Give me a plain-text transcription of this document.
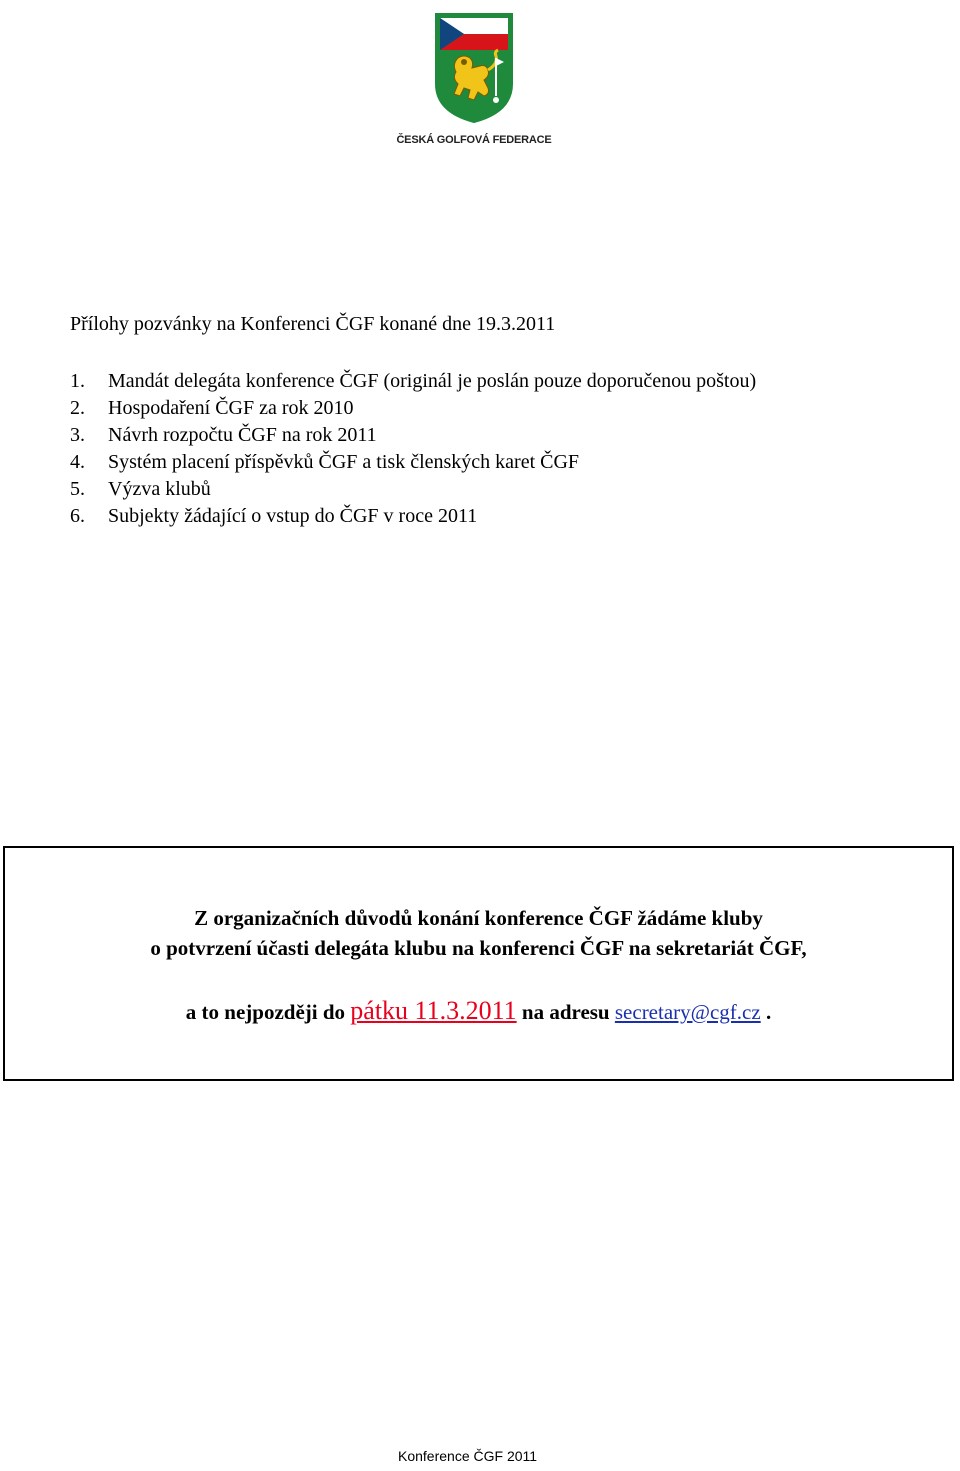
ČESKÁ GOLFOVÁ FEDERACE
Přílohy pozvánky na Konferenci ČGF konané dne 19.3.2011
1. Mandát delegáta konference ČGF (originál je poslán pouze doporučenou poštou)
2. Hospodaření ČGF za rok 2010
3. Návrh rozpočtu ČGF na rok 2011
4. Systém placení příspěvků ČGF a tisk členských karet ČGF
5. Výzva klubů
6. Subjekty žádající o vstup do ČGF v roce 2011
Z organizačních důvodů konání konference ČGF žádáme kluby
o potvrzení účasti delegáta klubu na konferenci ČGF na sekretariát ČGF,
a to nejpozději do pátku 11.3.2011 na adresu secretary@cgf.cz .
Konference ČGF 2011
